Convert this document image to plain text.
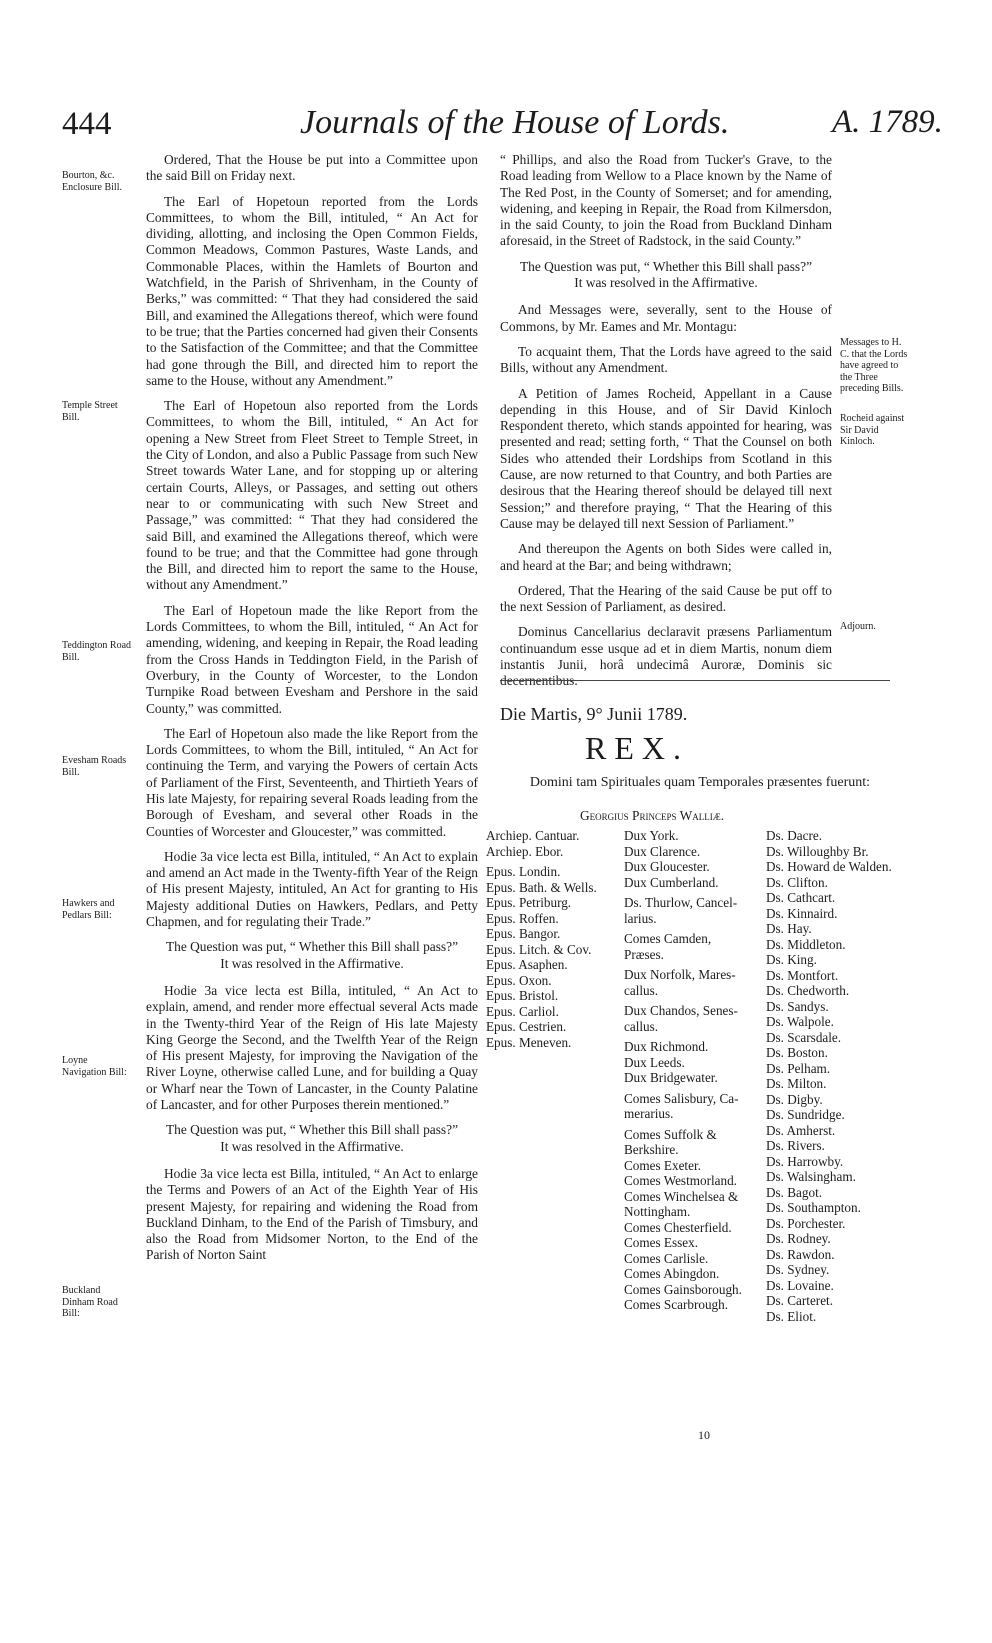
444	Journals of the House of Lords.	A. 1789.
Bourton, &c. Enclosure Bill.
Temple Street Bill.
Teddington Road Bill.
Evesham Roads Bill.
Hawkers and Pedlars Bill:
Loyne Navigation Bill:
Buckland Dinham Road Bill:

Ordered, That the House be put into a Committee upon the said Bill on Friday next.

The Earl of Hopetoun reported from the Lords Committees, to whom the Bill, intituled, “ An Act for dividing, allotting, and inclosing the Open Common Fields, Common Meadows, Common Pastures, Waste Lands, and Commonable Places, within the Hamlets of Bourton and Watchfield, in the Parish of Shrivenham, in the County of Berks,” was committed: “ That they had considered the said Bill, and examined the Allegations thereof, which were found to be true; that the Parties concerned had given their Consents to the Satisfaction of the Committee; and that the Committee had gone through the Bill, and directed him to report the same to the House, without any Amendment.”

The Earl of Hopetoun also reported from the Lords Committees, to whom the Bill, intituled, “ An Act for opening a New Street from Fleet Street to Temple Street, in the City of London, and also a Public Passage from such New Street towards Water Lane, and for stopping up or altering certain Courts, Alleys, or Passages, and setting out others near to or communicating with such New Street and Passage,” was committed: “ That they had considered the said Bill, and examined the Allegations thereof, which were found to be true; and that the Committee had gone through the Bill, and directed him to report the same to the House, without any Amendment.”

The Earl of Hopetoun made the like Report from the Lords Committees, to whom the Bill, intituled, “ An Act for amending, widening, and keeping in Repair, the Road leading from the Cross Hands in Teddington Field, in the Parish of Overbury, in the County of Worcester, to the London Turnpike Road between Evesham and Pershore in the said County,” was committed.

The Earl of Hopetoun also made the like Report from the Lords Committees, to whom the Bill, intituled, “ An Act for continuing the Term, and varying the Powers of certain Acts of Parliament of the First, Seventeenth, and Thirtieth Years of His late Majesty, for repairing several Roads leading from the Borough of Evesham, and several other Roads in the Counties of Worcester and Gloucester,” was committed.

Hodie 3a vice lecta est Billa, intituled, “ An Act to explain and amend an Act made in the Twenty-fifth Year of the Reign of His present Majesty, intituled, An Act for granting to His Majesty additional Duties on Hawkers, Pedlars, and Petty Chapmen, and for regulating their Trade.”

The Question was put, “ Whether this Bill shall pass?”

It was resolved in the Affirmative.

Hodie 3a vice lecta est Billa, intituled, “ An Act to explain, amend, and render more effectual several Acts made in the Twenty-third Year of the Reign of His late Majesty King George the Second, and the Twelfth Year of the Reign of His present Majesty, for improving the Navigation of the River Loyne, otherwise called Lune, and for building a Quay or Wharf near the Town of Lancaster, in the County Palatine of Lancaster, and for other Purposes therein mentioned.”

The Question was put, “ Whether this Bill shall pass?”

It was resolved in the Affirmative.

Hodie 3a vice lecta est Billa, intituled, “ An Act to enlarge the Terms and Powers of an Act of the Eighth Year of His present Majesty, for repairing and widening the Road from Buckland Dinham, to the End of the Parish of Timsbury, and also the Road from Midsomer Norton, to the End of the Parish of Norton Saint

“ Phillips, and also the Road from Tucker's Grave, to the Road leading from Wellow to a Place known by the Name of The Red Post, in the County of Somerset; and for amending, widening, and keeping in Repair, the Road from Kilmersdon, in the said County, to join the Road from Buckland Dinham aforesaid, in the Street of Radstock, in the said County.”

The Question was put, “ Whether this Bill shall pass?”

It was resolved in the Affirmative.

And Messages were, severally, sent to the House of Commons, by Mr. Eames and Mr. Montagu:

To acquaint them, That the Lords have agreed to the said Bills, without any Amendment.

A Petition of James Rocheid, Appellant in a Cause depending in this House, and of Sir David Kinloch Respondent thereto, which stands appointed for hearing, was presented and read; setting forth, “ That the Counsel on both Sides who attended their Lordships from Scotland in this Cause, are now returned to that Country, and both Parties are desirous that the Hearing thereof should be delayed till next Session;” and therefore praying, “ That the Hearing of this Cause may be delayed till next Session of Parliament.”

And thereupon the Agents on both Sides were called in, and heard at the Bar; and being withdrawn;

Ordered, That the Hearing of the said Cause be put off to the next Session of Parliament, as desired.

Dominus Cancellarius declaravit præsens Parliamentum continuandum esse usque ad et in diem Martis, nonum diem instantis Junii, horâ undecimâ Auroræ, Dominis sic decernentibus.

Messages to H. C. that the Lords have agreed to the Three preceding Bills.
Rocheid against Sir David Kinloch.
Adjourn.
Die Martis, 9° Junii 1789.
REX.
Domini tam Spirituales quam Temporales præsentes fuerunt:
Georgius Princeps Walliæ.
Archiep. Cantuar.
Archiep. Ebor.
Epus. Londin.
Epus. Bath. & Wells.
Epus. Petriburg.
Epus. Roffen.
Epus. Bangor.
Epus. Litch. & Cov.
Epus. Asaphen.
Epus. Oxon.
Epus. Bristol.
Epus. Carliol.
Epus. Cestrien.
Epus. Meneven.
Dux York.
Dux Clarence.
Dux Gloucester.
Dux Cumberland.
Ds. Thurlow, Cancel-
larius.
Comes Camden,
Præses.
Dux Norfolk, Mares-
callus.
Dux Chandos, Senes-
callus.
Dux Richmond.
Dux Leeds.
Dux Bridgewater.
Comes Salisbury, Ca-
merarius.
Comes Suffolk &
Berkshire.
Comes Exeter.
Comes Westmorland.
Comes Winchelsea &
Nottingham.
Comes Chesterfield.
Comes Essex.
Comes Carlisle.
Comes Abingdon.
Comes Gainsborough.
Comes Scarbrough.
Ds. Dacre.
Ds. Willoughby Br.
Ds. Howard de Walden.
Ds. Clifton.
Ds. Cathcart.
Ds. Kinnaird.
Ds. Hay.
Ds. Middleton.
Ds. King.
Ds. Montfort.
Ds. Chedworth.
Ds. Sandys.
Ds. Walpole.
Ds. Scarsdale.
Ds. Boston.
Ds. Pelham.
Ds. Milton.
Ds. Digby.
Ds. Sundridge.
Ds. Amherst.
Ds. Rivers.
Ds. Harrowby.
Ds. Walsingham.
Ds. Bagot.
Ds. Southampton.
Ds. Porchester.
Ds. Rodney.
Ds. Rawdon.
Ds. Sydney.
Ds. Lovaine.
Ds. Carteret.
Ds. Eliot.
10
